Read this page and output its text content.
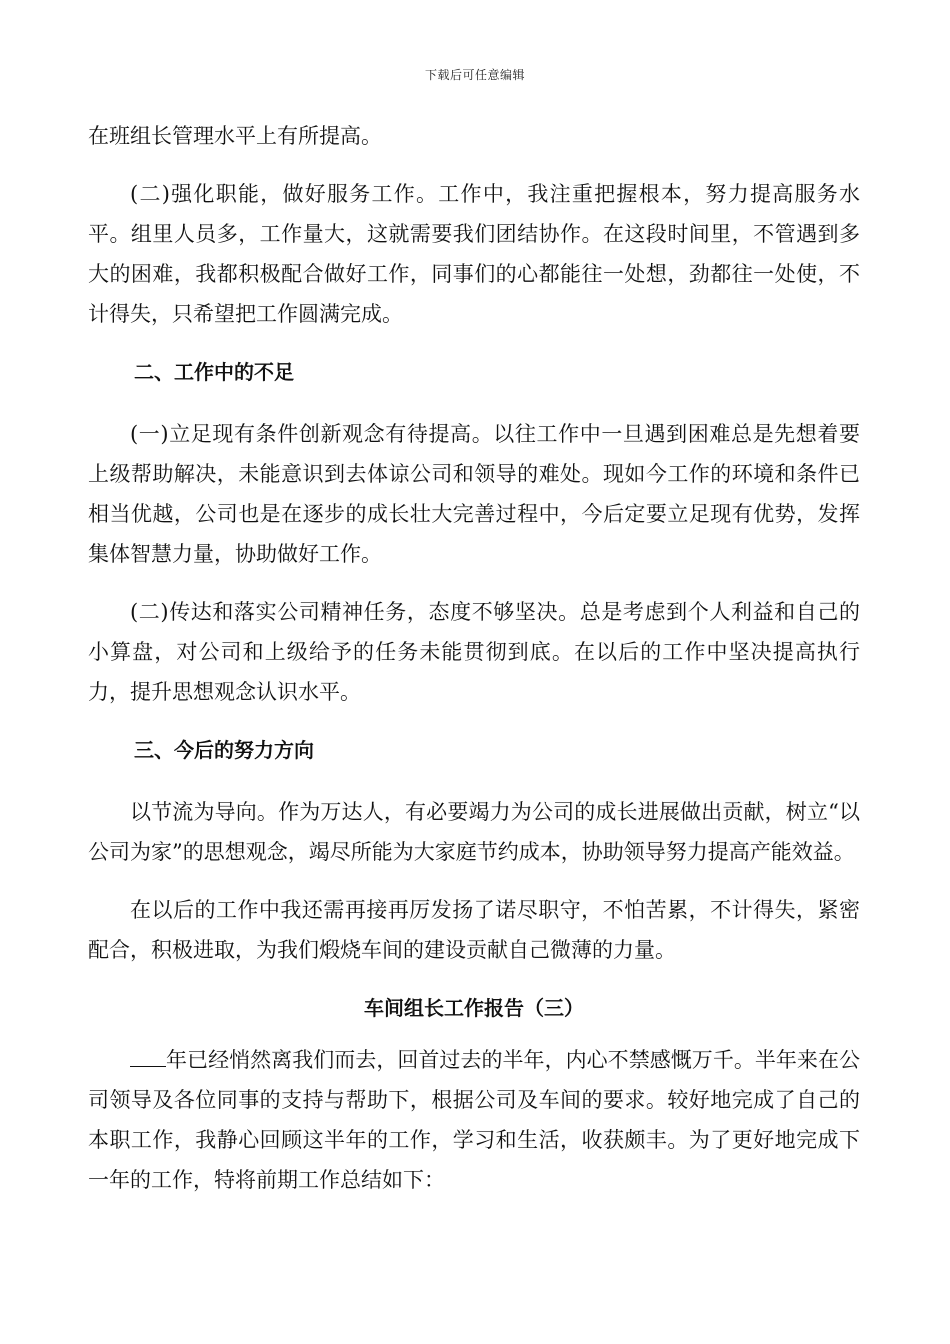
下载后可任意编辑

在班组长管理水平上有所提高。

(二)强化职能，做好服务工作。工作中，我注重把握根本，努力提高服务水平。组里人员多，工作量大，这就需要我们团结协作。在这段时间里，不管遇到多大的困难，我都积极配合做好工作，同事们的心都能往一处想，劲都往一处使，不计得失，只希望把工作圆满完成。

二、工作中的不足

(一)立足现有条件创新观念有待提高。以往工作中一旦遇到困难总是先想着要上级帮助解决，未能意识到去体谅公司和领导的难处。现如今工作的环境和条件已相当优越，公司也是在逐步的成长壮大完善过程中，今后定要立足现有优势，发挥集体智慧力量，协助做好工作。

(二)传达和落实公司精神任务，态度不够坚决。总是考虑到个人利益和自己的小算盘，对公司和上级给予的任务未能贯彻到底。在以后的工作中坚决提高执行力，提升思想观念认识水平。

三、今后的努力方向

以节流为导向。作为万达人，有必要竭力为公司的成长进展做出贡献，树立“以公司为家”的思想观念，竭尽所能为大家庭节约成本，协助领导努力提高产能效益。

在以后的工作中我还需再接再厉发扬了诺尽职守，不怕苦累，不计得失，紧密配合，积极进取，为我们煅烧车间的建设贡献自己微薄的力量。

车间组长工作报告（三）

年已经悄然离我们而去，回首过去的半年，内心不禁感慨万千。半年来在公司领导及各位同事的支持与帮助下，根据公司及车间的要求。较好地完成了自己的本职工作，我静心回顾这半年的工作，学习和生活，收获颇丰。为了更好地完成下一年的工作，特将前期工作总结如下：
